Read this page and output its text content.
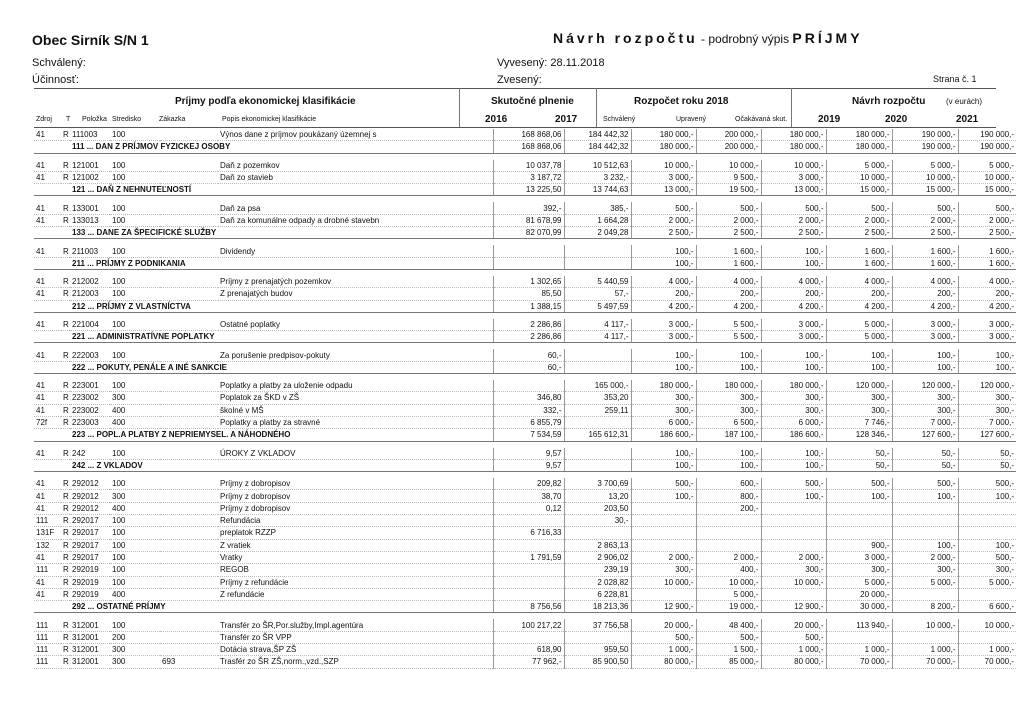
Obec Sirník S/N 1	Návrh rozpočtu - podrobný výpis PRÍJMY
Schválený:
Účinnosť:
Vyvesený: 28.11.2018
Zvesený:	Strana č. 1
Príjmy podľa ekonomickej klasifikácie	Skutočné plnenie	Rozpočet roku 2018	Návrh rozpočtu	(v eurách)
Zdroj T Položka Stredisko	Zákazka	Popis ekonomickej klasifikácie	2016	2017	Schválený	Upravený	Očakávaná skut.	2019	2020	2021
41	R	111003	100		Výnos dane z príjmov poukázaný územnej s	168 868,06	184 442,32	180 000,-	200 000,-	180 000,-	180 000,-	190 000,-	190 000,-
		111 ... DAN Z PRÍJMOV FYZICKEJ OSOBY				168 868,06	184 442,32	180 000,-	200 000,-	180 000,-	180 000,-	190 000,-	190 000,-

41	R	121001	100		Daň z pozemkov	10 037,78	10 512,63	10 000,-	10 000,-	10 000,-	5 000,-	5 000,-	5 000,-
41	R	121002	100		Daň zo stavieb	3 187,72	3 232,-	3 000,-	9 500,-	3 000,-	10 000,-	10 000,-	10 000,-
		121 ... DAŇ Z NEHNUTEĽNOSTÍ				13 225,50	13 744,63	13 000,-	19 500,-	13 000,-	15 000,-	15 000,-	15 000,-

41	R	133001	100		Daň za psa	392,-	385,-	500,-	500,-	500,-	500,-	500,-	500,-
41	R	133013	100		Daň za komunálne odpady a drobné stavebn	81 678,99	1 664,28	2 000,-	2 000,-	2 000,-	2 000,-	2 000,-	2 000,-
		133 ... DANE ZA ŠPECIFICKÉ SLUŽBY				82 070,99	2 049,28	2 500,-	2 500,-	2 500,-	2 500,-	2 500,-	2 500,-

41	R	211003	100		Dividendy			100,-	1 600,-	100,-	1 600,-	1 600,-	1 600,-
		211 ... PRÍJMY Z PODNIKANIA						100,-	1 600,-	100,-	1 600,-	1 600,-	1 600,-

41	R	212002	100		Príjmy z prenajatých pozemkov	1 302,65	5 440,59	4 000,-	4 000,-	4 000,-	4 000,-	4 000,-	4 000,-
41	R	212003	100		Z prenajatých budov	85,50	57,-	200,-	200,-	200,-	200,-	200,-	200,-
		212 ... PRÍJMY Z VLASTNÍCTVA				1 388,15	5 497,59	4 200,-	4 200,-	4 200,-	4 200,-	4 200,-	4 200,-

41	R	221004	100		Ostatné poplatky	2 286,86	4 117,-	3 000,-	5 500,-	3 000,-	5 000,-	3 000,-	3 000,-
		221 ... ADMINISTRATÍVNE POPLATKY				2 286,86	4 117,-	3 000,-	5 500,-	3 000,-	5 000,-	3 000,-	3 000,-

41	R	222003	100		Za porušenie predpisov-pokuty	60,-		100,-	100,-	100,-	100,-	100,-	100,-
		222 ... POKUTY, PENÁLE A INÉ SANKCIE				60,-		100,-	100,-	100,-	100,-	100,-	100,-

41	R	223001	100		Poplatky a platby za uloženie odpadu		165 000,-	180 000,-	180 000,-	180 000,-	120 000,-	120 000,-	120 000,-
41	R	223002	300		Poplatok za ŠKD v ZŠ	346,80	353,20	300,-	300,-	300,-	300,-	300,-	300,-
41	R	223002	400		školné v MŠ	332,-	259,11	300,-	300,-	300,-	300,-	300,-	300,-
72f	R	223003	400		Poplatky a platby za stravné	6 855,79		6 000,-	6 500,-	6 000,-	7 746,-	7 000,-	7 000,-
		223 ... POPL.A PLATBY Z NEPRIEMYSEL. A NÁHODNÉHO				7 534,59	165 612,31	186 600,-	187 100,-	186 600,-	128 346,-	127 600,-	127 600,-

41	R	242	100		ÚROKY Z VKLADOV	9,57		100,-	100,-	100,-	50,-	50,-	50,-
		242 ... Z VKLADOV				9,57		100,-	100,-	100,-	50,-	50,-	50,-

41	R	292012	100		Príjmy z dobropisov	209,82	3 700,69	500,-	600,-	500,-	500,-	500,-	500,-
41	R	292012	300		Príjmy z dobropisov	38,70	13,20	100,-	800,-	100,-	100,-	100,-	100,-
41	R	292012	400		Príjmy z dobropisov	0,12	203,50		200,-				
111	R	292017	100		Refundácia		30,-						
131F	R	292017	100		preplatok RZZP	6 716,33							
132	R	292017	100		Z vratiek		2 863,13				900,-	100,-	100,-
41	R	292017	100		Vratky	1 791,59	2 906,02	2 000,-	2 000,-	2 000,-	3 000,-	2 000,-	500,-
111	R	292019	100		REGOB		239,19	300,-	400,-	300,-	300,-	300,-	300,-
41	R	292019	100		Príjmy z refundácie		2 028,82	10 000,-	10 000,-	10 000,-	5 000,-	5 000,-	5 000,-
41	R	292019	400		Z refundácie		6 228,81		5 000,-		20 000,-		
		292 ... OSTATNÉ PRÍJMY				8 756,56	18 213,36	12 900,-	19 000,-	12 900,-	30 000,-	8 200,-	6 600,-

111	R	312001	100		Transfér zo ŠR,Por.služby,Impl.agentúra	100 217,22	37 756,58	20 000,-	48 400,-	20 000,-	113 940,-	10 000,-	10 000,-
111	R	312001	200		Transfér zo ŠR VPP			500,-	500,-	500,-			
111	R	312001	300		Dotácia strava,ŠP ZŠ	618,90	959,50	1 000,-	1 500,-	1 000,-	1 000,-	1 000,-	1 000,-
111	R	312001	300	693	Trasfér zo ŠR ZŠ,norm.,vzd.,SZP	77 962,-	85 900,50	80 000,-	85 000,-	80 000,-	70 000,-	70 000,-	70 000,-
